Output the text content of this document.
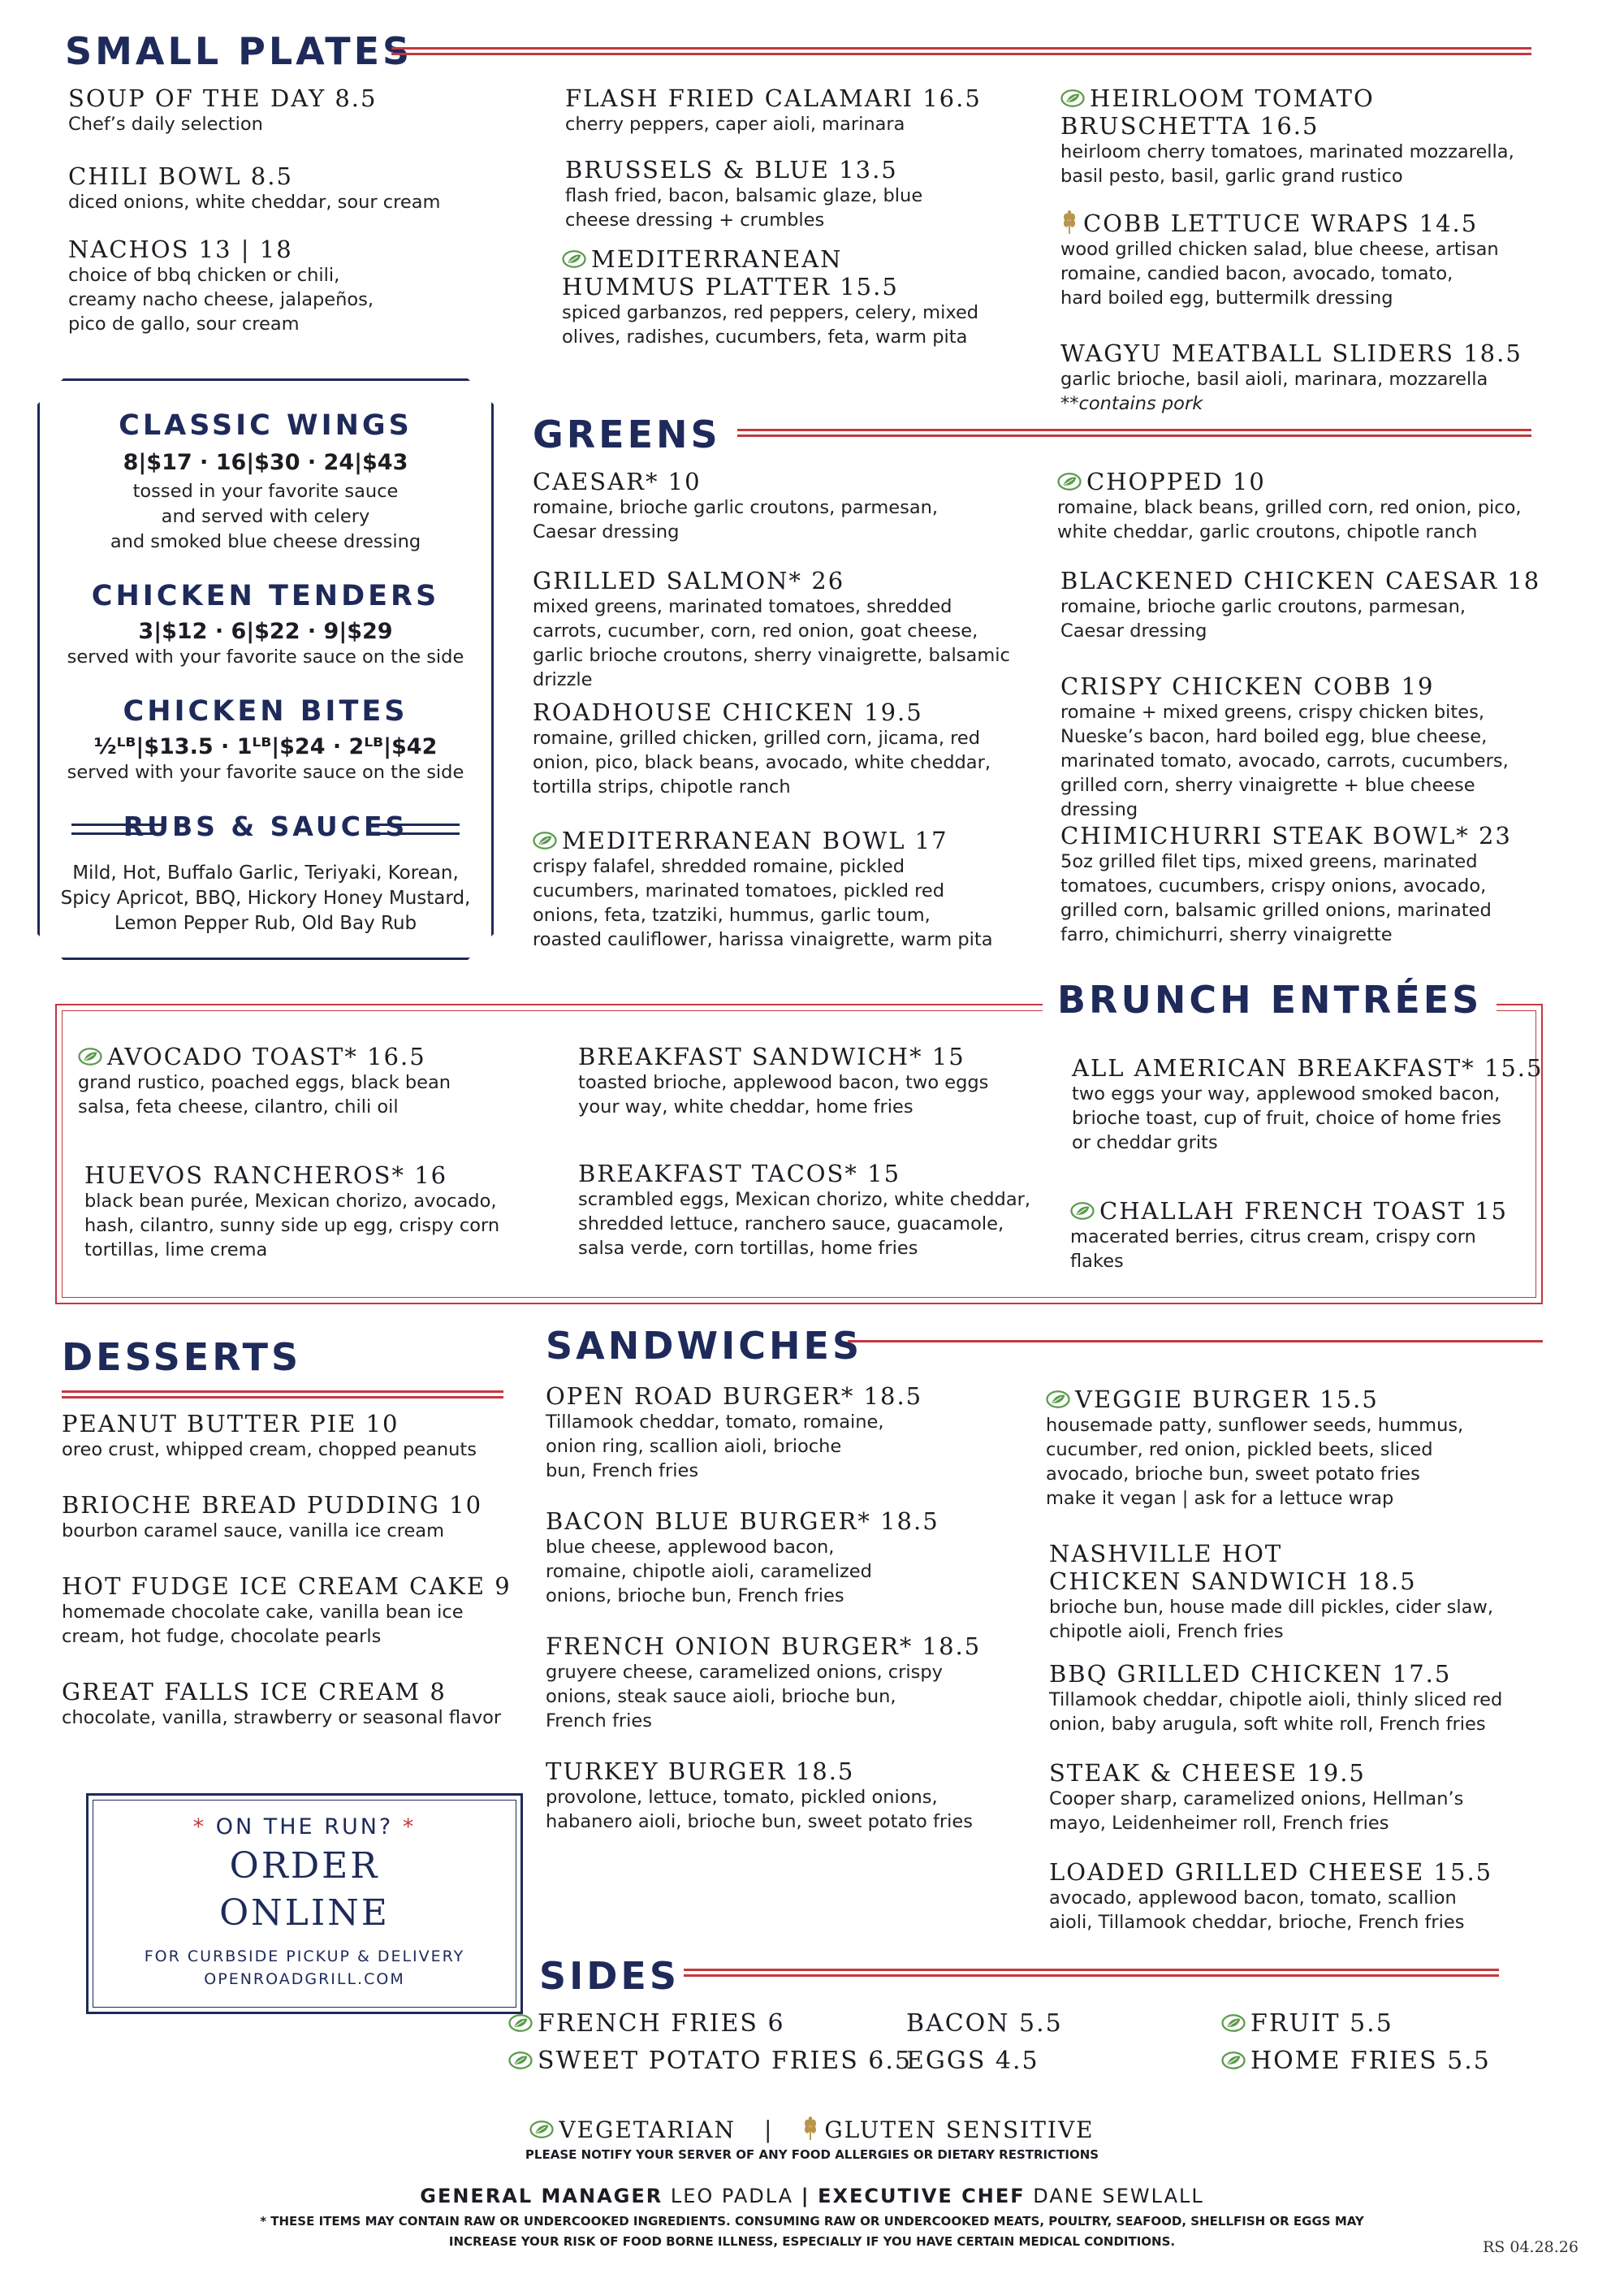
SMALL PLATES
SOUP OF THE DAY 8.5
Chef’s daily selection
CHILI BOWL 8.5
diced onions, white cheddar, sour cream
NACHOS 13 | 18
choice of bbq chicken or chili, creamy nacho cheese, jalapeños, pico de gallo, sour cream
FLASH FRIED CALAMARI 16.5
cherry peppers, caper aioli, marinara
BRUSSELS & BLUE 13.5
flash fried, bacon, balsamic glaze, blue cheese dressing + crumbles
MEDITERRANEAN HUMMUS PLATTER 15.5
spiced garbanzos, red peppers, celery, mixed olives, radishes, cucumbers, feta, warm pita
HEIRLOOM TOMATO BRUSCHETTA 16.5
heirloom cherry tomatoes, marinated mozzarella, basil pesto, basil, garlic grand rustico
COBB LETTUCE WRAPS 14.5
wood grilled chicken salad, blue cheese, artisan romaine, candied bacon, avocado, tomato, hard boiled egg, buttermilk dressing
WAGYU MEATBALL SLIDERS 18.5
garlic brioche, basil aioli, marinara, mozzarella
**contains pork
CLASSIC WINGS
8|$17 · 16|$30 · 24|$43
tossed in your favorite sauce
and served with celery
and smoked blue cheese dressing
CHICKEN TENDERS
3|$12 · 6|$22 · 9|$29
served with your favorite sauce on the side
CHICKEN BITES
½ᴸᴮ|$13.5 · 1ᴸᴮ|$24 · 2ᴸᴮ|$42
served with your favorite sauce on the side
RUBS & SAUCES
Mild, Hot, Buffalo Garlic, Teriyaki, Korean,
Spicy Apricot, BBQ, Hickory Honey Mustard,
Lemon Pepper Rub, Old Bay Rub
GREENS
CAESAR* 10
romaine, brioche garlic croutons, parmesan, Caesar dressing
GRILLED SALMON* 26
mixed greens, marinated tomatoes, shredded carrots, cucumber, corn, red onion, goat cheese, garlic brioche croutons, sherry vinaigrette, balsamic drizzle
ROADHOUSE CHICKEN 19.5
romaine, grilled chicken, grilled corn, jicama, red onion, pico, black beans, avocado, white cheddar, tortilla strips, chipotle ranch
MEDITERRANEAN BOWL 17
crispy falafel, shredded romaine, pickled cucumbers, marinated tomatoes, pickled red onions, feta, tzatziki, hummus, garlic toum, roasted cauliflower, harissa vinaigrette, warm pita
CHOPPED 10
romaine, black beans, grilled corn, red onion, pico, white cheddar, garlic croutons, chipotle ranch
BLACKENED CHICKEN CAESAR 18
romaine, brioche garlic croutons, parmesan, Caesar dressing
CRISPY CHICKEN COBB 19
romaine + mixed greens, crispy chicken bites, Nueske’s bacon, hard boiled egg, blue cheese, marinated tomato, avocado, carrots, cucumbers, grilled corn, sherry vinaigrette + blue cheese dressing
CHIMICHURRI STEAK BOWL* 23
5oz grilled filet tips, mixed greens, marinated tomatoes, cucumbers, crispy onions, avocado, grilled corn, balsamic grilled onions, marinated farro, chimichurri, sherry vinaigrette
BRUNCH ENTRÉES
AVOCADO TOAST* 16.5
grand rustico, poached eggs, black bean salsa, feta cheese, cilantro, chili oil
HUEVOS RANCHEROS* 16
black bean purée, Mexican chorizo, avocado, hash, cilantro, sunny side up egg, crispy corn tortillas, lime crema
BREAKFAST SANDWICH* 15
toasted brioche, applewood bacon, two eggs your way, white cheddar, home fries
BREAKFAST TACOS* 15
scrambled eggs, Mexican chorizo, white cheddar, shredded lettuce, ranchero sauce, guacamole, salsa verde, corn tortillas, home fries
ALL AMERICAN BREAKFAST* 15.5
two eggs your way, applewood smoked bacon, brioche toast, cup of fruit, choice of home fries or cheddar grits
CHALLAH FRENCH TOAST 15
macerated berries, citrus cream, crispy corn flakes
DESSERTS
PEANUT BUTTER PIE 10
oreo crust, whipped cream, chopped peanuts
BRIOCHE BREAD PUDDING 10
bourbon caramel sauce, vanilla ice cream
HOT FUDGE ICE CREAM CAKE 9
homemade chocolate cake, vanilla bean ice cream, hot fudge, chocolate pearls
GREAT FALLS ICE CREAM 8
chocolate, vanilla, strawberry or seasonal flavor
* ON THE RUN? *
ORDER
ONLINE
FOR CURBSIDE PICKUP & DELIVERY
OPENROADGRILL.COM
SANDWICHES
OPEN ROAD BURGER* 18.5
Tillamook cheddar, tomato, romaine, onion ring, scallion aioli, brioche bun, French fries
BACON BLUE BURGER* 18.5
blue cheese, applewood bacon, romaine, chipotle aioli, caramelized onions, brioche bun, French fries
FRENCH ONION BURGER* 18.5
gruyere cheese, caramelized onions, crispy onions, steak sauce aioli, brioche bun, French fries
TURKEY BURGER 18.5
provolone, lettuce, tomato, pickled onions, habanero aioli, brioche bun, sweet potato fries
VEGGIE BURGER 15.5
housemade patty, sunflower seeds, hummus, cucumber, red onion, pickled beets, sliced avocado, brioche bun, sweet potato fries
make it vegan | ask for a lettuce wrap
NASHVILLE HOT CHICKEN SANDWICH 18.5
brioche bun, house made dill pickles, cider slaw, chipotle aioli, French fries
BBQ GRILLED CHICKEN 17.5
Tillamook cheddar, chipotle aioli, thinly sliced red onion, baby arugula, soft white roll, French fries
STEAK & CHEESE 19.5
Cooper sharp, caramelized onions, Hellman’s mayo, Leidenheimer roll, French fries
LOADED GRILLED CHEESE 15.5
avocado, applewood bacon, tomato, scallion aioli, Tillamook cheddar, brioche, French fries
SIDES
FRENCH FRIES 6
SWEET POTATO FRIES 6.5
BACON 5.5
EGGS 4.5
FRUIT 5.5
HOME FRIES 5.5
VEGETARIAN | GLUTEN SENSITIVE
PLEASE NOTIFY YOUR SERVER OF ANY FOOD ALLERGIES OR DIETARY RESTRICTIONS
GENERAL MANAGER LEO PADLA | EXECUTIVE CHEF DANE SEWLALL
* THESE ITEMS MAY CONTAIN RAW OR UNDERCOOKED INGREDIENTS. CONSUMING RAW OR UNDERCOOKED MEATS, POULTRY, SEAFOOD, SHELLFISH OR EGGS MAY
INCREASE YOUR RISK OF FOOD BORNE ILLNESS, ESPECIALLY IF YOU HAVE CERTAIN MEDICAL CONDITIONS.	RS 04.28.26
